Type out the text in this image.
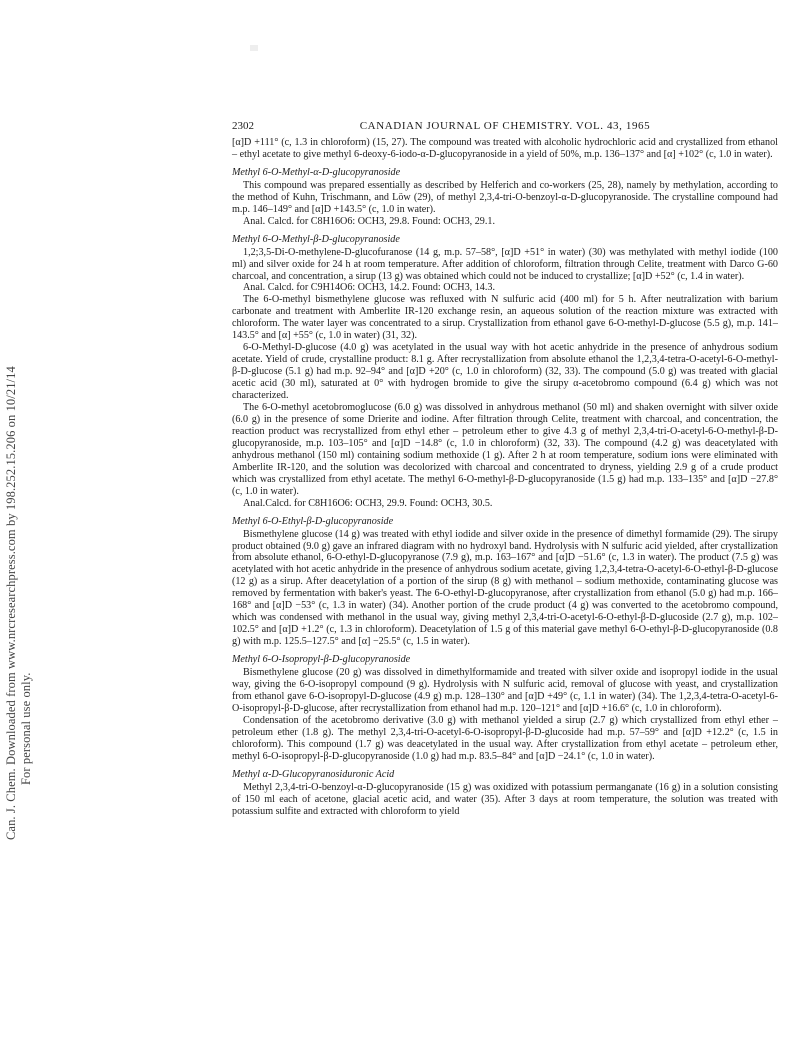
Can. J. Chem. Downloaded from www.nrcresearchpress.com by 198.252.15.206 on 10/21/14 For personal use only.
2302	CANADIAN JOURNAL OF CHEMISTRY. VOL. 43, 1965

[α]D +111° (c, 1.3 in chloroform) (15, 27). The compound was treated with alcoholic hydrochloric acid and crystallized from ethanol – ethyl acetate to give methyl 6-deoxy-6-iodo-α-D-glucopyranoside in a yield of 50%, m.p. 136–137° and [α] +102° (c, 1.0 in water).

Methyl 6-O-Methyl-α-D-glucopyranoside

This compound was prepared essentially as described by Helferich and co-workers (25, 28), namely by methylation, according to the method of Kuhn, Trischmann, and Löw (29), of methyl 2,3,4-tri-O-benzoyl-α-D-glucopyranoside. The crystalline compound had m.p. 146–149° and [α]D +143.5° (c, 1.0 in water).

Anal. Calcd. for C8H16O6: OCH3, 29.8. Found: OCH3, 29.1.

Methyl 6-O-Methyl-β-D-glucopyranoside

1,2;3,5-Di-O-methylene-D-glucofuranose (14 g, m.p. 57–58°, [α]D +51° in water) (30) was methylated with methyl iodide (100 ml) and silver oxide for 24 h at room temperature. After addition of chloroform, filtration through Celite, treatment with Darco G-60 charcoal, and concentration, a sirup (13 g) was obtained which could not be induced to crystallize; [α]D +52° (c, 1.4 in water).

Anal. Calcd. for C9H14O6: OCH3, 14.2. Found: OCH3, 14.3.

The 6-O-methyl bismethylene glucose was refluxed with N sulfuric acid (400 ml) for 5 h. After neutralization with barium carbonate and treatment with Amberlite IR-120 exchange resin, an aqueous solution of the reaction mixture was extracted with chloroform. The water layer was concentrated to a sirup. Crystallization from ethanol gave 6-O-methyl-D-glucose (5.5 g), m.p. 141–143.5° and [α] +55° (c, 1.0 in water) (31, 32).

6-O-Methyl-D-glucose (4.0 g) was acetylated in the usual way with hot acetic anhydride in the presence of anhydrous sodium acetate. Yield of crude, crystalline product: 8.1 g. After recrystallization from absolute ethanol the 1,2,3,4-tetra-O-acetyl-6-O-methyl-β-D-glucose (5.1 g) had m.p. 92–94° and [α]D +20° (c, 1.0 in chloroform) (32, 33). The compound (5.0 g) was treated with glacial acetic acid (30 ml), saturated at 0° with hydrogen bromide to give the sirupy α-acetobromo compound (6.4 g) which was not characterized.

The 6-O-methyl acetobromoglucose (6.0 g) was dissolved in anhydrous methanol (50 ml) and shaken overnight with silver oxide (6.0 g) in the presence of some Drierite and iodine. After filtration through Celite, treatment with charcoal, and concentration, the reaction product was recrystallized from ethyl ether – petroleum ether to give 4.3 g of methyl 2,3,4-tri-O-acetyl-6-O-methyl-β-D-glucopyranoside, m.p. 103–105° and [α]D −14.8° (c, 1.0 in chloroform) (32, 33). The compound (4.2 g) was deacetylated with anhydrous methanol (150 ml) containing sodium methoxide (1 g). After 2 h at room temperature, sodium ions were eliminated with Amberlite IR-120, and the solution was decolorized with charcoal and concentrated to dryness, yielding 2.9 g of a crude product which was crystallized from ethyl acetate. The methyl 6-O-methyl-β-D-glucopyranoside (1.5 g) had m.p. 133–135° and [α]D −27.8° (c, 1.0 in water).

Anal.Calcd. for C8H16O6: OCH3, 29.9. Found: OCH3, 30.5.

Methyl 6-O-Ethyl-β-D-glucopyranoside

Bismethylene glucose (14 g) was treated with ethyl iodide and silver oxide in the presence of dimethyl formamide (29). The sirupy product obtained (9.0 g) gave an infrared diagram with no hydroxyl band. Hydrolysis with N sulfuric acid yielded, after crystallization from absolute ethanol, 6-O-ethyl-D-glucopyranose (7.9 g), m.p. 163–167° and [α]D −51.6° (c, 1.3 in water). The product (7.5 g) was acetylated with hot acetic anhydride in the presence of anhydrous sodium acetate, giving 1,2,3,4-tetra-O-acetyl-6-O-ethyl-β-D-glucose (12 g) as a sirup. After deacetylation of a portion of the sirup (8 g) with methanol – sodium methoxide, contaminating glucose was removed by fermentation with baker's yeast. The 6-O-ethyl-D-glucopyranose, after crystallization from ethanol (5.0 g) had m.p. 166–168° and [α]D −53° (c, 1.3 in water) (34). Another portion of the crude product (4 g) was converted to the acetobromo compound, which was condensed with methanol in the usual way, giving methyl 2,3,4-tri-O-acetyl-6-O-ethyl-β-D-glucoside (2.7 g), m.p. 102–102.5° and [α]D +1.2° (c, 1.3 in chloroform). Deacetylation of 1.5 g of this material gave methyl 6-O-ethyl-β-D-glucopyranoside (0.8 g) with m.p. 125.5–127.5° and [α] −25.5° (c, 1.5 in water).

Methyl 6-O-Isopropyl-β-D-glucopyranoside

Bismethylene glucose (20 g) was dissolved in dimethylformamide and treated with silver oxide and isopropyl iodide in the usual way, giving the 6-O-isopropyl compound (9 g). Hydrolysis with N sulfuric acid, removal of glucose with yeast, and crystallization from ethanol gave 6-O-isopropyl-D-glucose (4.9 g) m.p. 128–130° and [α]D +49° (c, 1.1 in water) (34). The 1,2,3,4-tetra-O-acetyl-6-O-isopropyl-β-D-glucose, after recrystallization from ethanol had m.p. 120–121° and [α]D +16.6° (c, 1.0 in chloroform).

Condensation of the acetobromo derivative (3.0 g) with methanol yielded a sirup (2.7 g) which crystallized from ethyl ether – petroleum ether (1.8 g). The methyl 2,3,4-tri-O-acetyl-6-O-isopropyl-β-D-glucoside had m.p. 57–59° and [α]D +12.2° (c, 1.5 in chloroform). This compound (1.7 g) was deacetylated in the usual way. After crystallization from ethyl acetate – petroleum ether, methyl 6-O-isopropyl-β-D-glucopyranoside (1.0 g) had m.p. 83.5–84° and [α]D −24.1° (c, 1.0 in water).

Methyl α-D-Glucopyranosiduronic Acid

Methyl 2,3,4-tri-O-benzoyl-α-D-glucopyranoside (15 g) was oxidized with potassium permanganate (16 g) in a solution consisting of 150 ml each of acetone, glacial acetic acid, and water (35). After 3 days at room temperature, the solution was treated with potassium sulfite and extracted with chloroform to yield
